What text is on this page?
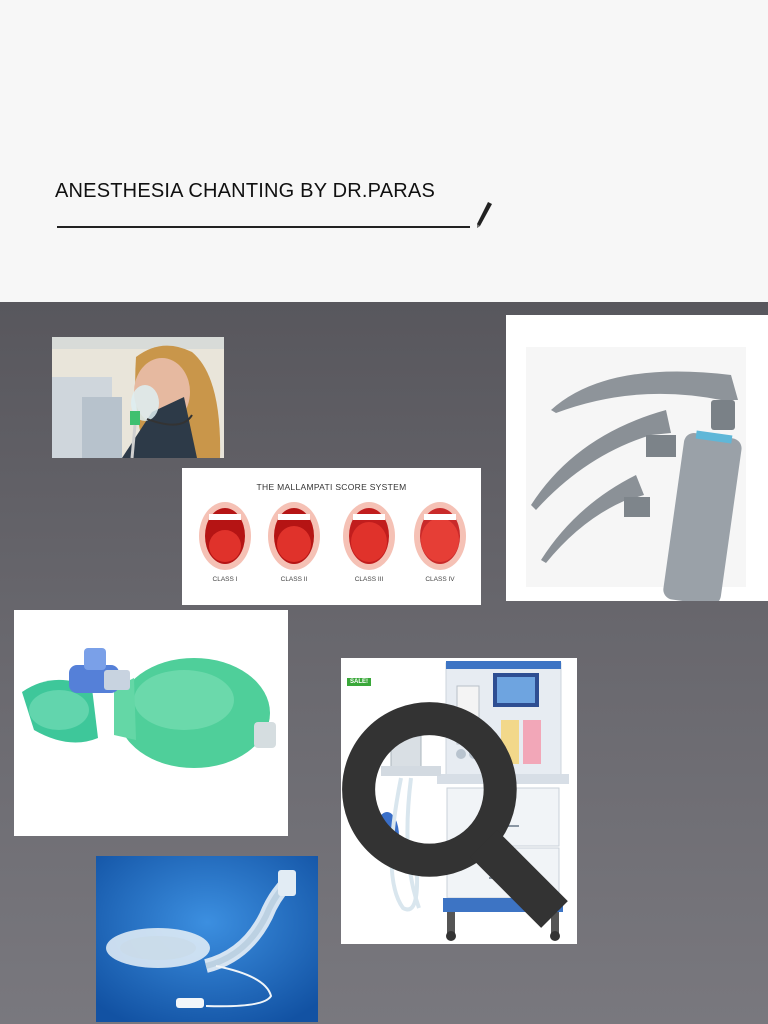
ANESTHESIA CHANTING BY DR.PARAS
THE MALLAMPATI SCORE SYSTEM
CLASS I	CLASS II	CLASS III	CLASS IV
SALE!
